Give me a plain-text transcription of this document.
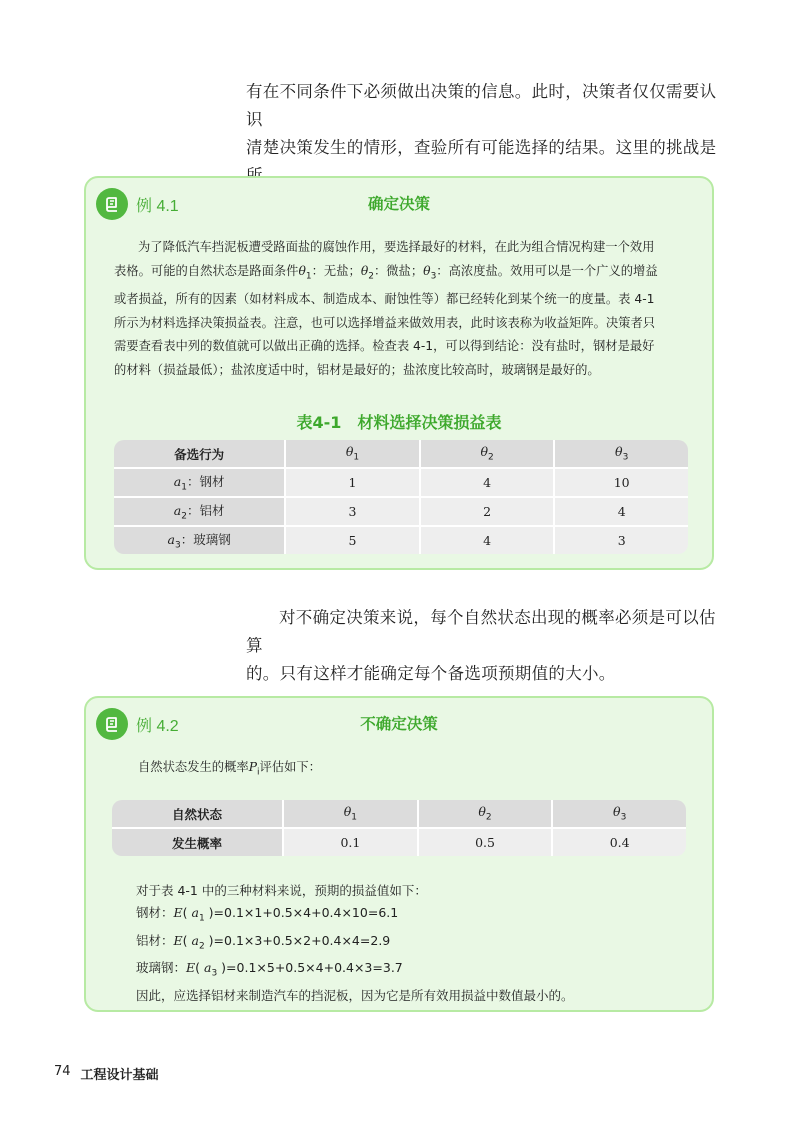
有在不同条件下必须做出决策的信息。此时，决策者仅仅需要认识

清楚决策发生的情形，查验所有可能选择的结果。这里的挑战是

确定决策
例 4.1

为了降低汽车挡泥板遭受路面盐的腐蚀作用，要选择最好的材料，在此为组合情况构建一个效用

表格。可能的自然状态是路面条件$\theta_1$：无盐；$\theta_2$：微盐；$\theta_3$：高浓度盐。效用可以是一个广义的增益

或者损益，所有的因素（如材料成本、制造成本、耐蚀性等）都已经转化到某个统一的度量。表 4-1

所示为材料选择决策损益表。注意，也可以选择增益来做效用表，此时该表称为收益矩阵。决策者只

需要查看表中列的数值就可以做出正确的选择。检查表 4-1，可以得到结论：没有盐时，钢材是最好

的材料（损益最低）；盐浓度适中时，铝材是最好的；盐浓度比较高时，玻璃钢是最好的。

表4-1　材料选择决策损益表
备选行为	$\theta_1$	$\theta_2$	$\theta_3$
$a_1$：钢材	1	4	10
$a_2$：铝材	3	2	4
$a_3$：玻璃钢	5	4	3

对不确定决策来说，每个自然状态出现的概率必须是可以估算

的。只有这样才能确定每个备选项预期值的大小。

不确定决策
例 4.2

自然状态发生的概率$P_i$评估如下：

自然状态	$\theta_1$	$\theta_2$	$\theta_3$
发生概率	0.1	0.5	0.4

对于表 4-1 中的三种材料来说，预期的损益值如下：

钢材：E( $a_1$ )=0.1×1+0.5×4+0.4×10=6.1

铝材：E( $a_2$ )=0.1×3+0.5×2+0.4×4=2.9

玻璃钢：E( $a_3$ )=0.1×5+0.5×4+0.4×3=3.7

因此，应选择铝材来制造汽车的挡泥板，因为它是所有效用损益中数值最小的。

74 工程设计基础
